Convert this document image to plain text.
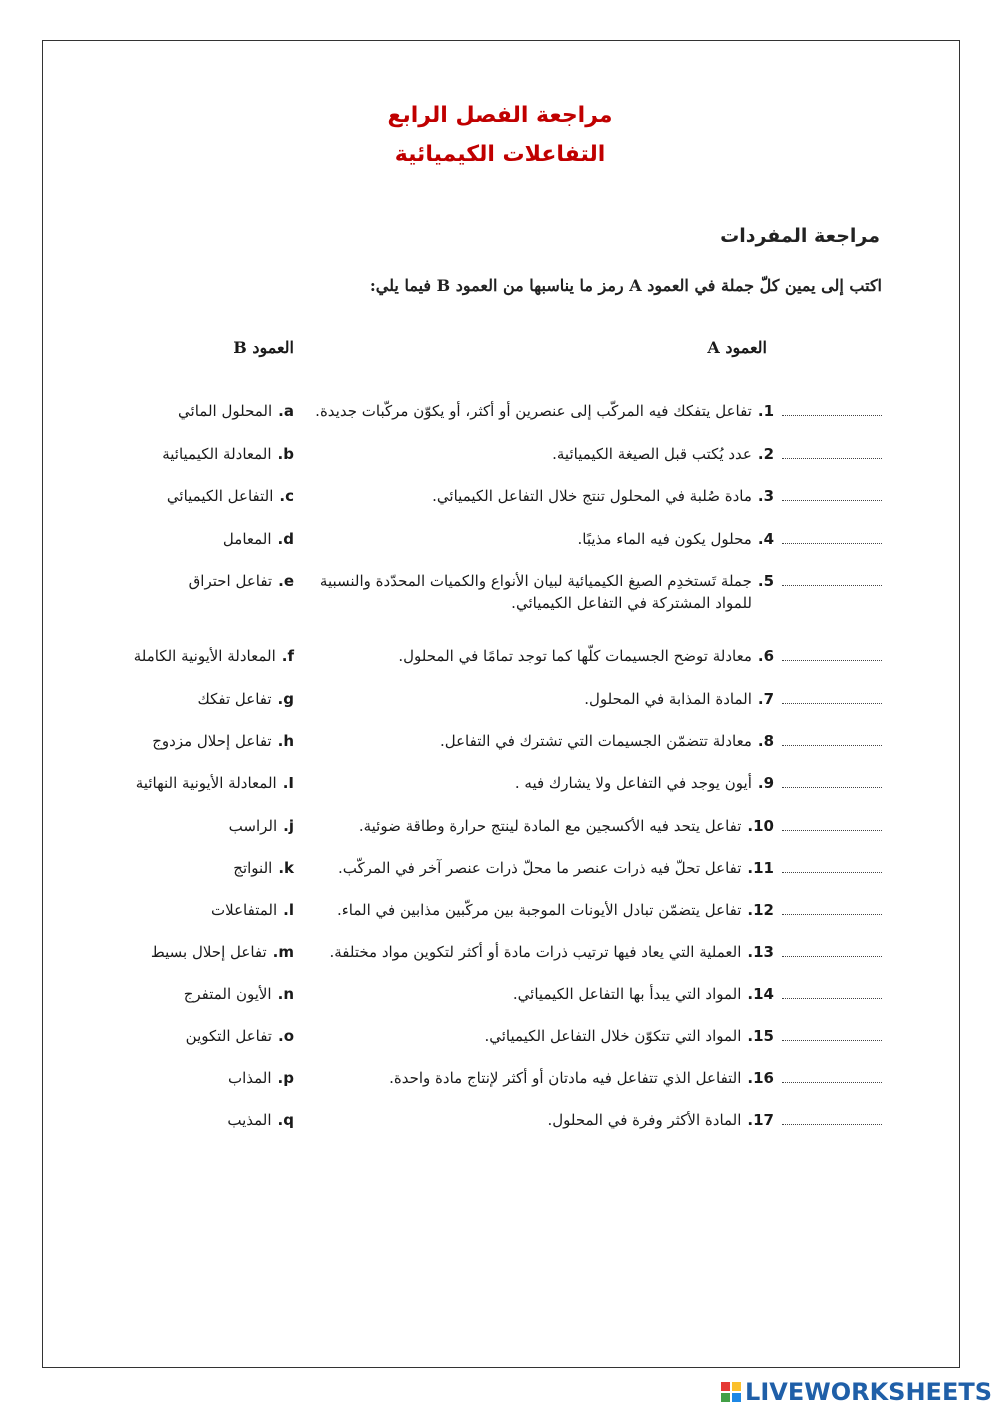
مراجعة الفصل الرابع
التفاعلات الكيميائية
مراجعة المفردات
اكتب إلى يمين كلّ جملة في العمود A رمز ما يناسبها من العمود B فيما يلي:
العمود A
العمود B
1.تفاعل يتفكك فيه المركّب إلى عنصرين أو أكثر، أو يكوّن مركّبات جديدة.
2.عدد يُكتب قبل الصيغة الكيميائية.
3.مادة صُلبة في المحلول تنتج خلال التفاعل الكيميائي.
4.محلول يكون فيه الماء مذيبًا.
5.جملة تَستخدِم الصيغ الكيميائية لبيان الأنواع والكميات المحدّدة والنسبية
للمواد المشتركة في التفاعل الكيميائي.
6.معادلة توضح الجسيمات كلّها كما توجد تمامًا في المحلول.
7.المادة المذابة في المحلول.
8.معادلة تتضمّن الجسيمات التي تشترك في التفاعل.
9.أيون يوجد في التفاعل ولا يشارك فيه .
10.تفاعل يتحد فيه الأكسجين مع المادة لينتج حرارة وطاقة ضوئية.
11.تفاعل تحلّ فيه ذرات عنصر ما محلّ ذرات عنصر آخر في المركّب.
12.تفاعل يتضمّن تبادل الأيونات الموجبة بين مركّبين مذابين في الماء.
13.العملية التي يعاد فيها ترتيب ذرات مادة أو أكثر لتكوين مواد مختلفة.
14.المواد التي يبدأ بها التفاعل الكيميائي.
15.المواد التي تتكوّن خلال التفاعل الكيميائي.
16.التفاعل الذي تتفاعل فيه مادتان أو أكثر لإنتاج مادة واحدة.
17.المادة الأكثر وفرة في المحلول.
a.المحلول المائي
b.المعادلة الكيميائية
c.التفاعل الكيميائي
d.المعامل
e.تفاعل احتراق
f.المعادلة الأيونية الكاملة
g.تفاعل تفكك
h.تفاعل إحلال مزدوج
I.المعادلة الأيونية النهائية
j.الراسب
k.النواتج
l.المتفاعلات
m.تفاعل إحلال بسيط
n.الأيون المتفرج
o.تفاعل التكوين
p.المذاب
q.المذيب
LIVEWORKSHEETS
